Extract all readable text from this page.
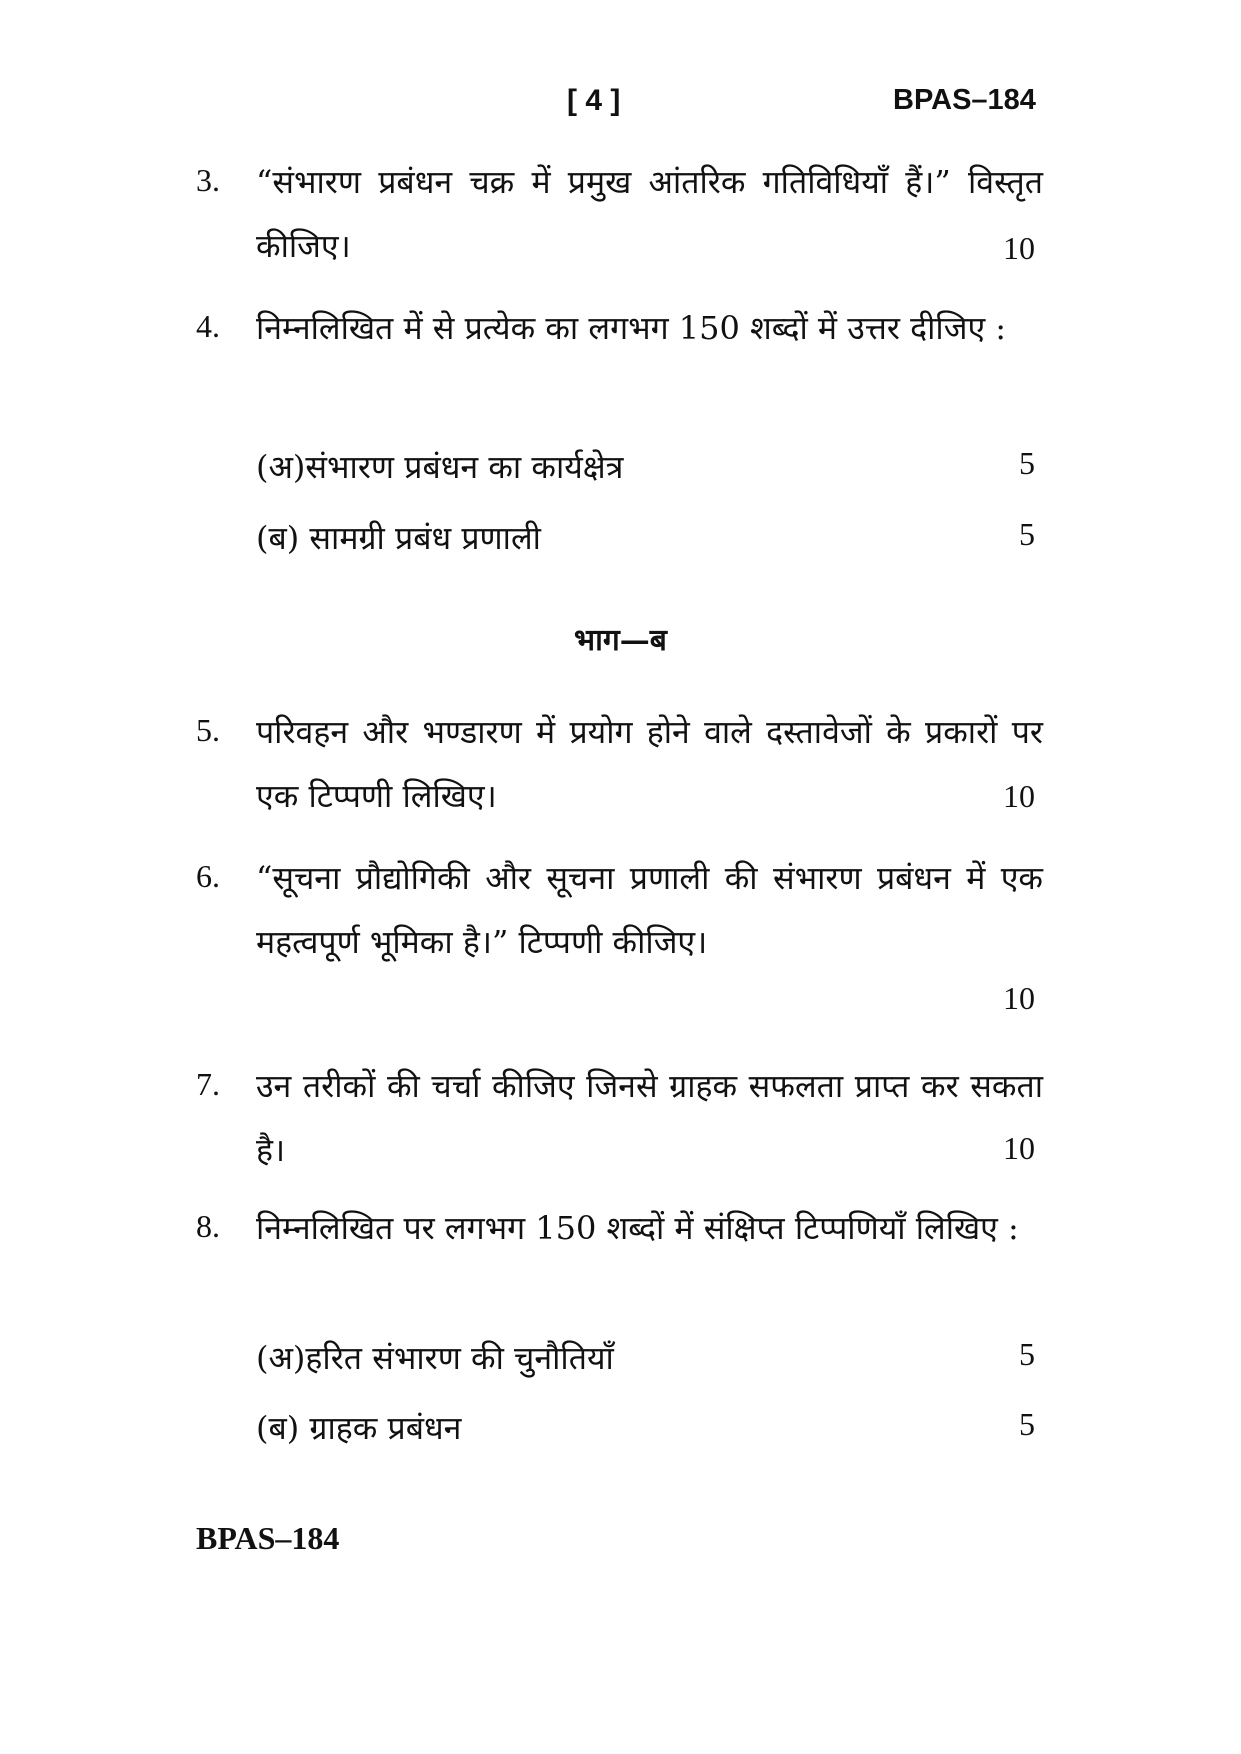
[ 4 ]	BPAS–184
3. “संभारण प्रबंधन चक्र में प्रमुख आंतरिक गतिविधियाँ हैं।” विस्तृत कीजिए।	10
4. निम्नलिखित में से प्रत्येक का लगभग 150 शब्दों में उत्तर दीजिए :
(अ)संभारण प्रबंधन का कार्यक्षेत्र	5
(ब) सामग्री प्रबंध प्रणाली	5
भाग—ब
5. परिवहन और भण्डारण में प्रयोग होने वाले दस्तावेजों के प्रकारों पर एक टिप्पणी लिखिए।	10
6. “सूचना प्रौद्योगिकी और सूचना प्रणाली की संभारण प्रबंधन में एक महत्वपूर्ण भूमिका है।” टिप्पणी कीजिए।
10
7. उन तरीकों की चर्चा कीजिए जिनसे ग्राहक सफलता प्राप्त कर सकता है।	10
8. निम्नलिखित पर लगभग 150 शब्दों में संक्षिप्त टिप्पणियाँ लिखिए :
(अ)हरित संभारण की चुनौतियाँ	5
(ब) ग्राहक प्रबंधन	5
BPAS–184
